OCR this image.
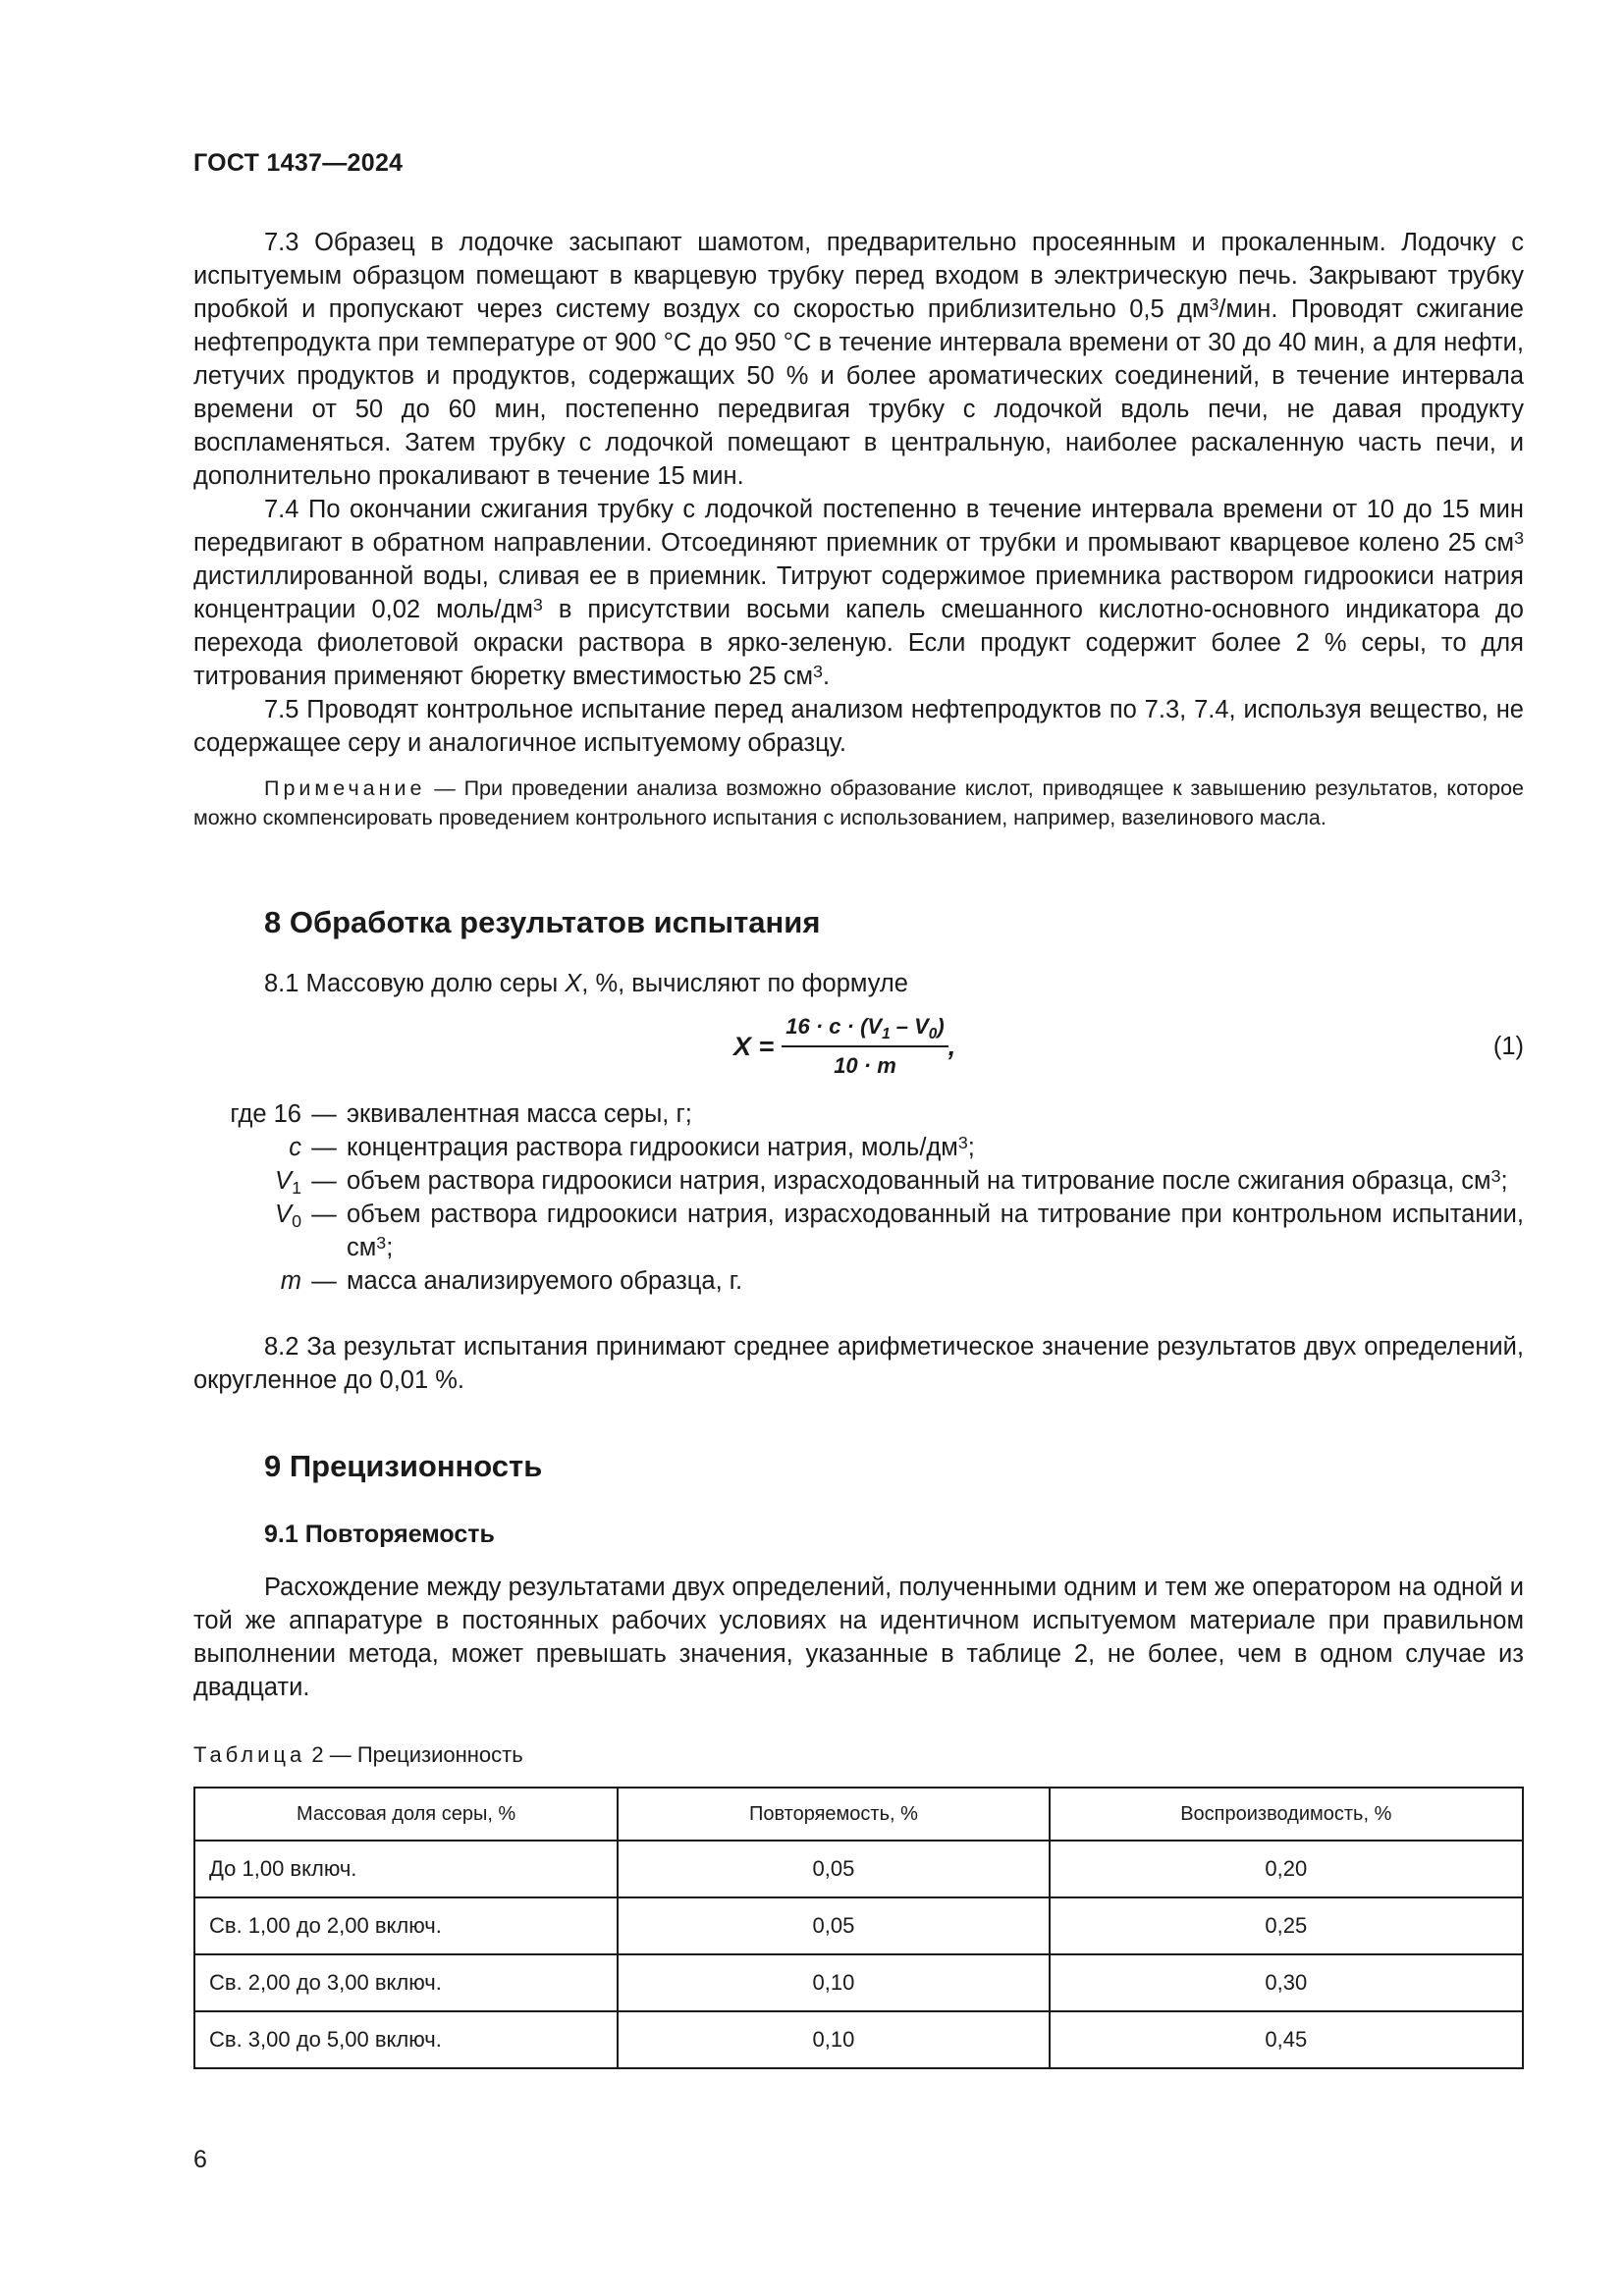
ГОСТ 1437—2024

7.3 Образец в лодочке засыпают шамотом, предварительно просеянным и прокаленным. Лодочку с испытуемым образцом помещают в кварцевую трубку перед входом в электрическую печь. Закрывают трубку пробкой и пропускают через систему воздух со скоростью приблизительно 0,5 $дм^3$/мин. Проводят сжигание нефтепродукта при температуре от 900 °С до 950 °С в течение интервала времени от 30 до 40 мин, а для нефти, летучих продуктов и продуктов, содержащих 50 % и более ароматических соединений, в течение интервала времени от 50 до 60 мин, постепенно передвигая трубку с лодочкой вдоль печи, не давая продукту воспламеняться. Затем трубку с лодочкой помещают в центральную, наиболее раскаленную часть печи, и дополнительно прокаливают в течение 15 мин.

7.4 По окончании сжигания трубку с лодочкой постепенно в течение интервала времени от 10 до 15 мин передвигают в обратном направлении. Отсоединяют приемник от трубки и промывают кварцевое колено 25 $см^3$ дистиллированной воды, сливая ее в приемник. Титруют содержимое приемника раствором гидроокиси натрия концентрации 0,02 моль/$дм^3$ в присутствии восьми капель смешанного кислотно-основного индикатора до перехода фиолетовой окраски раствора в ярко-зеленую. Если продукт содержит более 2 % серы, то для титрования применяют бюретку вместимостью 25 $см^3$.

7.5 Проводят контрольное испытание перед анализом нефтепродуктов по 7.3, 7.4, используя вещество, не содержащее серу и аналогичное испытуемому образцу.

Примечание — При проведении анализа возможно образование кислот, приводящее к завышению результатов, которое можно скомпенсировать проведением контрольного испытания с использованием, например, вазелинового масла.

8 Обработка результатов испытания

8.1 Массовую долю серы X, %, вычисляют по формуле

$X = \frac{16 \cdot c \cdot (V_1 - V_0)}{10 \cdot m}$ ,	(1)
где 16 — эквивалентная масса серы, г;
c — концентрация раствора гидроокиси натрия, моль/$дм^3$;
$V_1$ — объем раствора гидроокиси натрия, израсходованный на титрование после сжигания образца, $см^3$;
$V_0$ — объем раствора гидроокиси натрия, израсходованный на титрование при контрольном испытании, $см^3$;
m — масса анализируемого образца, г.

8.2 За результат испытания принимают среднее арифметическое значение результатов двух определений, округленное до 0,01 %.

9 Прецизионность
9.1 Повторяемость

Расхождение между результатами двух определений, полученными одним и тем же оператором на одной и той же аппаратуре в постоянных рабочих условиях на идентичном испытуемом материале при правильном выполнении метода, может превышать значения, указанные в таблице 2, не более, чем в одном случае из двадцати.

Таблица 2 — Прецизионность

Массовая доля серы, %	Повторяемость, %	Воспроизводимость, %
До 1,00 включ.	0,05	0,20
Св. 1,00 до 2,00 включ.	0,05	0,25
Св. 2,00 до 3,00 включ.	0,10	0,30
Св. 3,00 до 5,00 включ.	0,10	0,45
6
